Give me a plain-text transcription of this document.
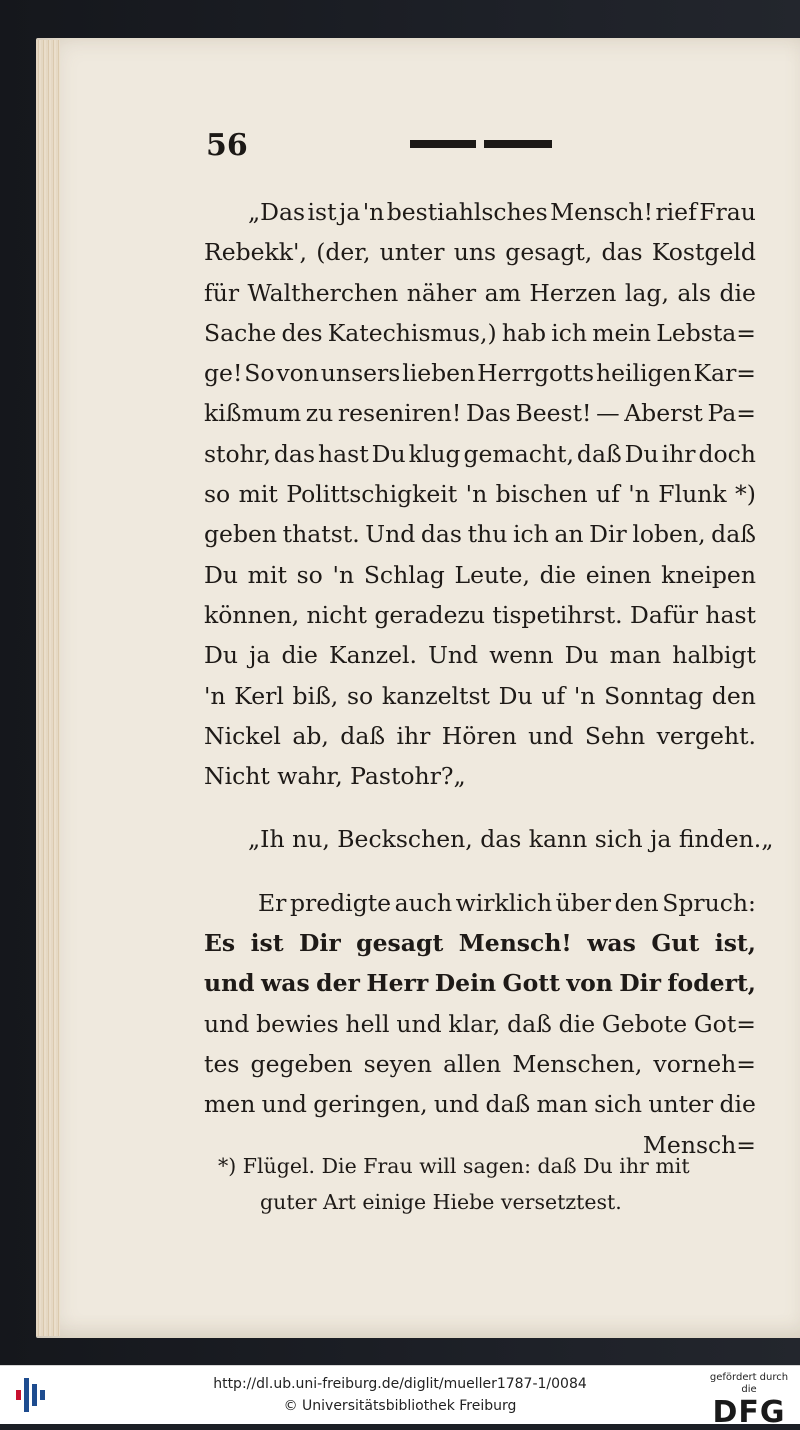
56
„Das ist ja 'n bestiahlsches Mensch! rief Frau
Rebekk', (der, unter uns gesagt, das Kostgeld
für Waltherchen näher am Herzen lag, als die
Sache des Katechismus,) hab ich mein Lebsta=
ge! So von unsers lieben Herrgotts heiligen Kar=
kißmum zu reseniren! Das Beest! — Aberst Pa=
stohr, das hast Du klug gemacht, daß Du ihr doch
so mit Polittschigkeit 'n bischen uf 'n Flunk *)
geben thatst. Und das thu ich an Dir loben, daß
Du mit so 'n Schlag Leute, die einen kneipen
können, nicht geradezu tispetihrst. Dafür hast
Du ja die Kanzel. Und wenn Du man halbigt
'n Kerl biß, so kanzeltst Du uf 'n Sonntag den
Nickel ab, daß ihr Hören und Sehn vergeht.
Nicht wahr, Pastohr?„
„Ih nu, Beckschen, das kann sich ja finden.„
Er predigte auch wirklich über den Spruch:
Es ist Dir gesagt Mensch! was Gut ist,
und was der Herr Dein Gott von Dir fodert,
und bewies hell und klar, daß die Gebote Got=
tes gegeben seyen allen Menschen, vorneh=
men und geringen, und daß man sich unter die
Mensch=
*) Flügel. Die Frau will sagen: daß Du ihr mit
guter Art einige Hiebe versetztest.
http://dl.ub.uni-freiburg.de/diglit/mueller1787-1/0084
© Universitätsbibliothek Freiburg
gefördert durch die
DFG
